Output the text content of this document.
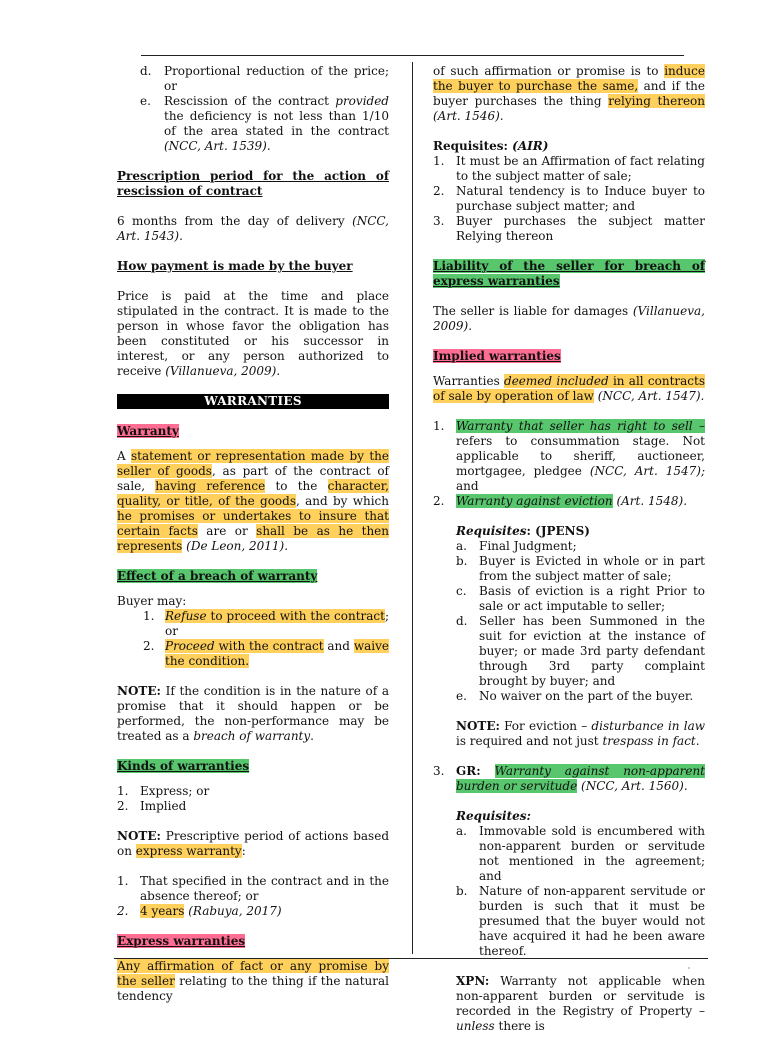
d. Proportional reduction of the price; or
e. Rescission of the contract provided the deficiency is not less than 1/10 of the area stated in the contract (NCC, Art. 1539).
Prescription period for the action of rescission of contract

6 months from the day of delivery (NCC, Art. 1543).

How payment is made by the buyer

Price is paid at the time and place stipulated in the contract. It is made to the person in whose favor the obligation has been constituted or his successor in interest, or any person authorized to receive (Villanueva, 2009).

WARRANTIES

Warranty

A statement or representation made by the seller of goods, as part of the contract of sale, having reference to the character, quality, or title, of the goods, and by which he promises or undertakes to insure that certain facts are or shall be as he then represents (De Leon, 2011).

Effect of a breach of warranty

Buyer may:

1. Refuse to proceed with the contract; or
2. Proceed with the contract and waive the condition.

NOTE: If the condition is in the nature of a promise that it should happen or be performed, the non-performance may be treated as a breach of warranty.

Kinds of warranties

1. Express; or
2. Implied

NOTE: Prescriptive period of actions based on express warranty:

1. That specified in the contract and in the absence thereof; or
2. 4 years (Rabuya, 2017)

Express warranties

Any affirmation of fact or any promise by the seller relating to the thing if the natural tendency

of such affirmation or promise is to induce the buyer to purchase the same, and if the buyer purchases the thing relying thereon (Art. 1546).

Requisites: (AIR)

1. It must be an Affirmation of fact relating to the subject matter of sale;
2. Natural tendency is to Induce buyer to purchase subject matter; and
3. Buyer purchases the subject matter Relying thereon

Liability of the seller for breach of express warranties

The seller is liable for damages (Villanueva, 2009).

Implied warranties

Warranties deemed included in all contracts of sale by operation of law (NCC, Art. 1547).

1. Warranty that seller has right to sell – refers to consummation stage. Not applicable to sheriff, auctioneer, mortgagee, pledgee (NCC, Art. 1547); and
2. Warranty against eviction (Art. 1548).

Requisites: (JPENS)

a. Final Judgment;
b. Buyer is Evicted in whole or in part from the subject matter of sale;
c. Basis of eviction is a right Prior to sale or act imputable to seller;
d. Seller has been Summoned in the suit for eviction at the instance of buyer; or made 3rd party defendant through 3rd party complaint brought by buyer; and
e. No waiver on the part of the buyer.

NOTE: For eviction – disturbance in law is required and not just trespass in fact.

3. GR: Warranty against non-apparent burden or servitude (NCC, Art. 1560).

Requisites:

a. Immovable sold is encumbered with non-apparent burden or servitude not mentioned in the agreement; and
b. Nature of non-apparent servitude or burden is such that it must be presumed that the buyer would not have acquired it had he been aware thereof.

XPN: Warranty not applicable when non-apparent burden or servitude is recorded in the Registry of Property – unless there is
